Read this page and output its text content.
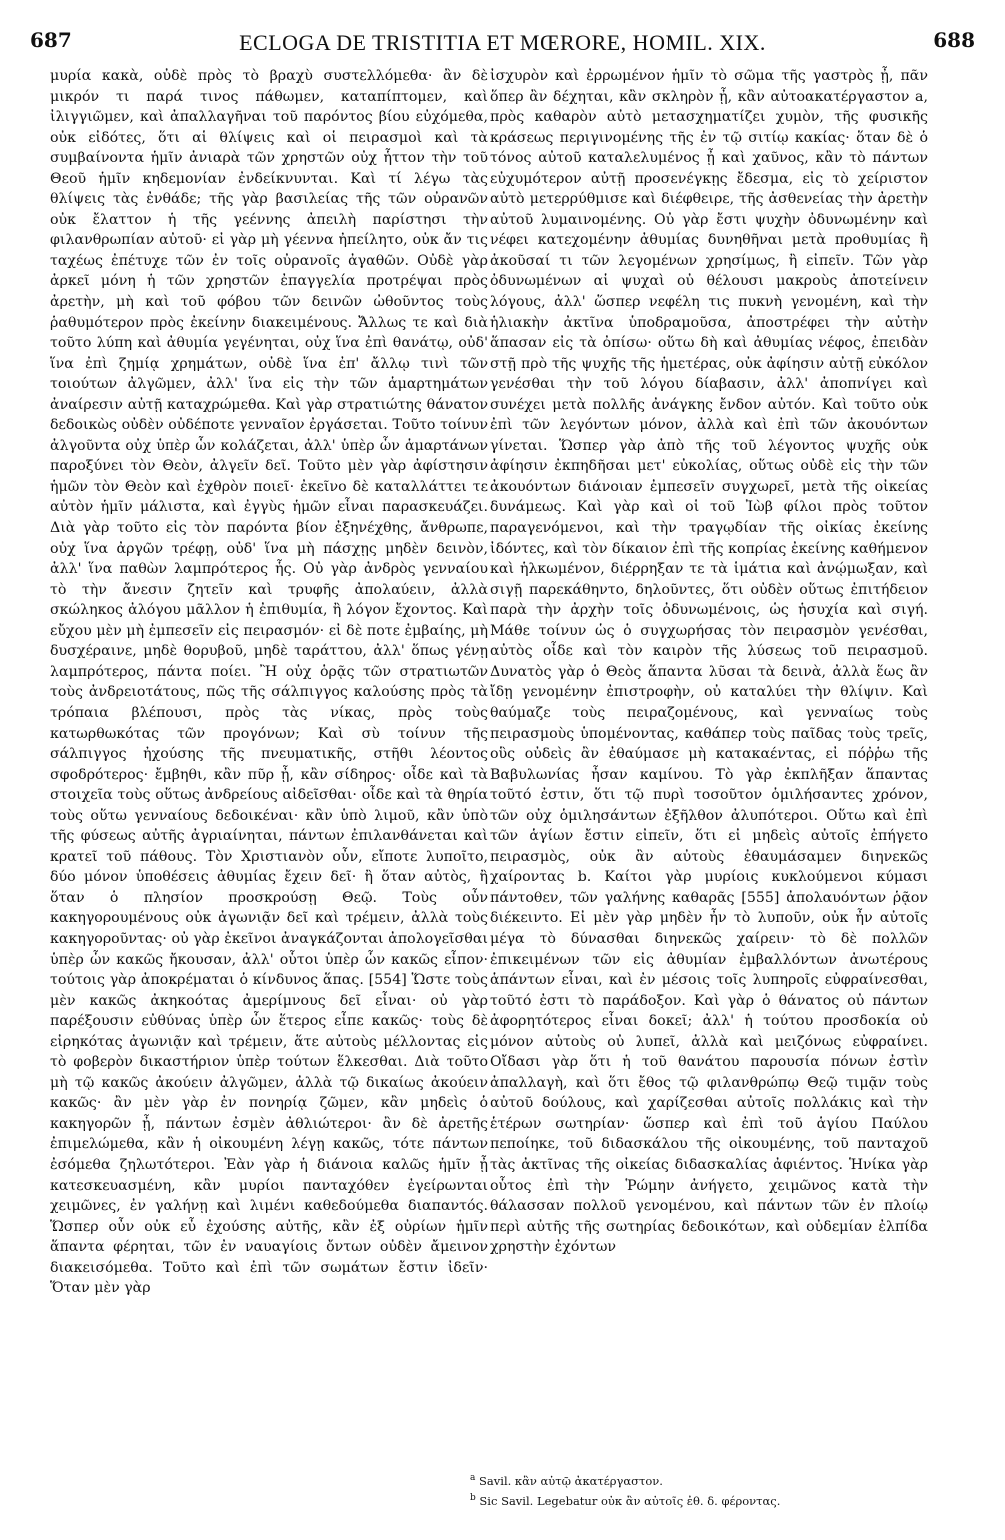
687	ECLOGA DE TRISTITIA ET MŒRORE, HOMIL. XIX.	688

μυρία κακὰ, οὐδὲ πρὸς τὸ βραχὺ συστελλόμεθα· ἂν δὲ μικρόν τι παρά τινος πάθωμεν, καταπίπτομεν, καὶ ἰλιγγιῶμεν, καὶ ἀπαλλαγῆναι τοῦ παρόντος βίου εὐχόμεθα, οὐκ εἰδότες, ὅτι αἱ θλίψεις καὶ οἱ πειρασμοὶ καὶ τὰ συμβαίνοντα ἡμῖν ἀνιαρὰ τῶν χρηστῶν οὐχ ἧττον τὴν τοῦ Θεοῦ ἡμῖν κηδεμονίαν ἐνδείκνυνται. Καὶ τί λέγω τὰς θλίψεις τὰς ἐνθάδε; τῆς γὰρ βασιλείας τῆς τῶν οὐρανῶν οὐκ ἔλαττον ἡ τῆς γεέννης ἀπειλὴ παρίστησι τὴν φιλανθρωπίαν αὐτοῦ· εἰ γὰρ μὴ γέεννα ἠπείλητο, οὐκ ἄν τις ταχέως ἐπέτυχε τῶν ἐν τοῖς οὐρανοῖς ἀγαθῶν. Οὐδὲ γὰρ ἀρκεῖ μόνη ἡ τῶν χρηστῶν ἐπαγγελία προτρέψαι πρὸς ἀρετὴν, μὴ καὶ τοῦ φόβου τῶν δεινῶν ὠθοῦντος τοὺς ῥαθυμότερον πρὸς ἐκείνην διακειμένους. Ἄλλως τε καὶ διὰ τοῦτο λύπη καὶ ἀθυμία γεγένηται, οὐχ ἵνα ἐπὶ θανάτῳ, οὐδ' ἵνα ἐπὶ ζημίᾳ χρημάτων, οὐδὲ ἵνα ἐπ' ἄλλῳ τινὶ τῶν τοιούτων ἀλγῶμεν, ἀλλ' ἵνα εἰς τὴν τῶν ἁμαρτημάτων ἀναίρεσιν αὐτῇ καταχρώμεθα. Καὶ γὰρ στρατιώτης θάνατον δεδοικὼς οὐδὲν οὐδέποτε γενναῖον ἐργάσεται. Τοῦτο τοίνυν ἀλγοῦντα οὐχ ὑπὲρ ὧν κολάζεται, ἀλλ' ὑπὲρ ὧν ἁμαρτάνων παροξύνει τὸν Θεὸν, ἀλγεῖν δεῖ. Τοῦτο μὲν γὰρ ἀφίστησιν ἡμῶν τὸν Θεὸν καὶ ἐχθρὸν ποιεῖ· ἐκεῖνο δὲ καταλλάττει τε αὐτὸν ἡμῖν μάλιστα, καὶ ἐγγὺς ἡμῶν εἶναι παρασκευάζει. Διὰ γὰρ τοῦτο εἰς τὸν παρόντα βίον ἐξηνέχθης, ἄνθρωπε, οὐχ ἵνα ἀργῶν τρέφῃ, οὐδ' ἵνα μὴ πάσχῃς μηδὲν δεινὸν, ἀλλ' ἵνα παθὼν λαμπρότερος ἧς. Οὐ γὰρ ἀνδρὸς γενναίου τὸ τὴν ἄνεσιν ζητεῖν καὶ τρυφῆς ἀπολαύειν, ἀλλὰ σκώληκος ἀλόγου μᾶλλον ἡ ἐπιθυμία, ἢ λόγον ἔχοντος. Καὶ εὔχου μὲν μὴ ἐμπεσεῖν εἰς πειρασμόν· εἰ δὲ ποτε ἐμβαίης, μὴ δυσχέραινε, μηδὲ θορυβοῦ, μηδὲ ταράττου, ἀλλ' ὅπως γένῃ λαμπρότερος, πάντα ποίει. Ἢ οὐχ ὁρᾷς τῶν στρατιωτῶν τοὺς ἀνδρειοτάτους, πῶς τῆς σάλπιγγος καλούσης πρὸς τὰ τρόπαια βλέπουσι, πρὸς τὰς νίκας, πρὸς τοὺς κατωρθωκότας τῶν προγόνων; Καὶ σὺ τοίνυν τῆς σάλπιγγος ἠχούσης τῆς πνευματικῆς, στῆθι λέοντος σφοδρότερος· ἔμβηθι, κἂν πῦρ ᾖ, κἂν σίδηρος· οἶδε καὶ τὰ στοιχεῖα τοὺς οὕτως ἀνδρείους αἰδεῖσθαι· οἶδε καὶ τὰ θηρία τοὺς οὕτω γενναίους δεδοικέναι· κἂν ὑπὸ λιμοῦ, κἂν ὑπὸ τῆς φύσεως αὐτῆς ἀγριαίνηται, πάντων ἐπιλανθάνεται καὶ κρατεῖ τοῦ πάθους. Τὸν Χριστιανὸν οὖν, εἴποτε λυποῖτο, δύο μόνον ὑποθέσεις ἀθυμίας ἔχειν δεῖ· ἢ ὅταν αὐτὸς, ἢ ὅταν ὁ πλησίον προσκρούσῃ Θεῷ. Τοὺς οὖν κακηγορουμένους οὐκ ἀγωνιᾷν δεῖ καὶ τρέμειν, ἀλλὰ τοὺς κακηγοροῦντας· οὐ γὰρ ἐκεῖνοι ἀναγκάζονται ἀπολογεῖσθαι ὑπὲρ ὧν κακῶς ἤκουσαν, ἀλλ' οὗτοι ὑπὲρ ὧν κακῶς εἶπον· τούτοις γὰρ ἀποκρέμαται ὁ κίνδυνος ἅπας. [554] Ὥστε τοὺς μὲν κακῶς ἀκηκοότας ἀμερίμνους δεῖ εἶναι· οὐ γὰρ παρέξουσιν εὐθύνας ὑπὲρ ὧν ἕτερος εἶπε κακῶς· τοὺς δὲ εἰρηκότας ἀγωνιᾷν καὶ τρέμειν, ἅτε αὐτοὺς μέλλοντας εἰς τὸ φοβερὸν δικαστήριον ὑπὲρ τούτων ἕλκεσθαι. Διὰ τοῦτο μὴ τῷ κακῶς ἀκούειν ἀλγῶμεν, ἀλλὰ τῷ δικαίως ἀκούειν κακῶς· ἂν μὲν γὰρ ἐν πονηρίᾳ ζῶμεν, κἂν μηδεὶς ὁ κακηγορῶν ᾖ, πάντων ἐσμὲν ἀθλιώτεροι· ἂν δὲ ἀρετῆς ἐπιμελώμεθα, κἂν ἡ οἰκουμένη λέγῃ κακῶς, τότε πάντων ἐσόμεθα ζηλωτότεροι. Ἐὰν γὰρ ἡ διάνοια καλῶς ἡμῖν ᾖ κατεσκευασμένη, κἂν μυρίοι πανταχόθεν ἐγείρωνται χειμῶνες, ἐν γαλήνῃ καὶ λιμένι καθεδούμεθα διαπαντός. Ὥσπερ οὖν οὐκ εὖ ἐχούσης αὐτῆς, κἂν ἐξ οὐρίων ἡμῖν ἅπαντα φέρηται, τῶν ἐν ναυαγίοις ὄντων οὐδὲν ἄμεινον διακεισόμεθα. Τοῦτο καὶ ἐπὶ τῶν σωμάτων ἔστιν ἰδεῖν· Ὅταν μὲν γὰρ

ἰσχυρὸν καὶ ἐρρωμένον ἡμῖν τὸ σῶμα τῆς γαστρὸς ᾖ, πᾶν ὅπερ ἂν δέχηται, κἂν σκληρὸν ᾖ, κἂν αὐτοακατέργαστον a, πρὸς καθαρὸν αὐτὸ μετασχηματίζει χυμὸν, τῆς φυσικῆς κράσεως περιγινομένης τῆς ἐν τῷ σιτίῳ κακίας· ὅταν δὲ ὁ τόνος αὐτοῦ καταλελυμένος ᾖ καὶ χαῦνος, κἂν τὸ πάντων εὐχυμότερον αὐτῇ προσενέγκῃς ἔδεσμα, εἰς τὸ χείριστον αὐτὸ μετερρύθμισε καὶ διέφθειρε, τῆς ἀσθενείας τὴν ἀρετὴν αὐτοῦ λυμαινομένης. Οὐ γὰρ ἔστι ψυχὴν ὀδυνωμένην καὶ νέφει κατεχομένην ἀθυμίας δυνηθῆναι μετὰ προθυμίας ἢ ἀκοῦσαί τι τῶν λεγομένων χρησίμως, ἢ εἰπεῖν. Τῶν γὰρ ὀδυνωμένων αἱ ψυχαὶ οὐ θέλουσι μακροὺς ἀποτείνειν λόγους, ἀλλ' ὥσπερ νεφέλη τις πυκνὴ γενομένη, καὶ τὴν ἡλιακὴν ἀκτῖνα ὑποδραμοῦσα, ἀποστρέφει τὴν αὐτὴν ἅπασαν εἰς τὰ ὀπίσω· οὕτω δὴ καὶ ἀθυμίας νέφος, ἐπειδὰν στῇ πρὸ τῆς ψυχῆς τῆς ἡμετέρας, οὐκ ἀφίησιν αὐτῇ εὐκόλον γενέσθαι τὴν τοῦ λόγου δίαβασιν, ἀλλ' ἀποπνίγει καὶ συνέχει μετὰ πολλῆς ἀνάγκης ἔνδον αὐτόν. Καὶ τοῦτο οὐκ ἐπὶ τῶν λεγόντων μόνον, ἀλλὰ καὶ ἐπὶ τῶν ἀκουόντων γίνεται. Ὥσπερ γὰρ ἀπὸ τῆς τοῦ λέγοντος ψυχῆς οὐκ ἀφίησιν ἐκπηδῆσαι μετ' εὐκολίας, οὕτως οὐδὲ εἰς τὴν τῶν ἀκουόντων διάνοιαν ἐμπεσεῖν συγχωρεῖ, μετὰ τῆς οἰκείας δυνάμεως. Καὶ γὰρ καὶ οἱ τοῦ Ἰὼβ φίλοι πρὸς τοῦτον παραγενόμενοι, καὶ τὴν τραγῳδίαν τῆς οἰκίας ἐκείνης ἰδόντες, καὶ τὸν δίκαιον ἐπὶ τῆς κοπρίας ἐκείνης καθήμενον καὶ ἡλκωμένον, διέρρηξαν τε τὰ ἱμάτια καὶ ἀνῴμωξαν, καὶ σιγῇ παρεκάθηντο, δηλοῦντες, ὅτι οὐδὲν οὕτως ἐπιτήδειον παρὰ τὴν ἀρχὴν τοῖς ὀδυνωμένοις, ὡς ἡσυχία καὶ σιγή. Μάθε τοίνυν ὡς ὁ συγχωρήσας τὸν πειρασμὸν γενέσθαι, αὐτὸς οἶδε καὶ τὸν καιρὸν τῆς λύσεως τοῦ πειρασμοῦ. Δυνατὸς γὰρ ὁ Θεὸς ἅπαντα λῦσαι τὰ δεινὰ, ἀλλὰ ἕως ἂν ἴδῃ γενομένην ἐπιστροφὴν, οὐ καταλύει τὴν θλίψιν. Καὶ θαύμαζε τοὺς πειραζομένους, καὶ γενναίως τοὺς πειρασμοὺς ὑπομένοντας, καθάπερ τοὺς παῖδας τοὺς τρεῖς, οὓς οὐδεὶς ἂν ἐθαύμασε μὴ κατακαέντας, εἰ πόῤῥω τῆς Βαβυλωνίας ἦσαν καμίνου. Τὸ γὰρ ἐκπλῆξαν ἅπαντας τοῦτό ἐστιν, ὅτι τῷ πυρὶ τοσοῦτον ὁμιλήσαντες χρόνον, τῶν οὐχ ὁμιλησάντων ἐξῆλθον ἀλυπότεροι. Οὕτω καὶ ἐπὶ τῶν ἁγίων ἔστιν εἰπεῖν, ὅτι εἰ μηδεὶς αὐτοῖς ἐπήγετο πειρασμὸς, οὐκ ἂν αὐτοὺς ἐθαυμάσαμεν διηνεκῶς χαίροντας b. Καίτοι γὰρ μυρίοις κυκλούμενοι κύμασι πάντοθεν, τῶν γαλήνης καθαρᾶς [555] ἀπολαυόντων ῥᾷον διέκειντο. Εἰ μὲν γὰρ μηδὲν ἦν τὸ λυποῦν, οὐκ ἦν αὐτοῖς μέγα τὸ δύνασθαι διηνεκῶς χαίρειν· τὸ δὲ πολλῶν ἐπικειμένων τῶν εἰς ἀθυμίαν ἐμβαλλόντων ἀνωτέρους ἁπάντων εἶναι, καὶ ἐν μέσοις τοῖς λυπηροῖς εὐφραίνεσθαι, τοῦτό ἐστι τὸ παράδοξον. Καὶ γὰρ ὁ θάνατος οὐ πάντων ἀφορητότερος εἶναι δοκεῖ; ἀλλ' ἡ τούτου προσδοκία οὐ μόνον αὐτοὺς οὐ λυπεῖ, ἀλλὰ καὶ μειζόνως εὐφραίνει. Οἴδασι γὰρ ὅτι ἡ τοῦ θανάτου παρουσία πόνων ἐστὶν ἀπαλλαγὴ, καὶ ὅτι ἔθος τῷ φιλανθρώπῳ Θεῷ τιμᾷν τοὺς αὐτοῦ δούλους, καὶ χαρίζεσθαι αὐτοῖς πολλάκις καὶ τὴν ἑτέρων σωτηρίαν· ὥσπερ καὶ ἐπὶ τοῦ ἁγίου Παύλου πεποίηκε, τοῦ διδασκάλου τῆς οἰκουμένης, τοῦ πανταχοῦ τὰς ἀκτῖνας τῆς οἰκείας διδασκαλίας ἀφιέντος. Ἡνίκα γὰρ οὗτος ἐπὶ τὴν Ῥώμην ἀνήγετο, χειμῶνος κατὰ τὴν θάλασσαν πολλοῦ γενομένου, καὶ πάντων τῶν ἐν πλοίῳ περὶ αὐτῆς τῆς σωτηρίας δεδοικότων, καὶ οὐδεμίαν ἐλπίδα χρηστὴν ἐχόντων

$^a$ Savil. κἂν αὐτῷ ἀκατέργαστον.

$^b$ Sic Savil. Legebatur οὐκ ἂν αὐτοῖς ἐθ. δ. φέροντας.
